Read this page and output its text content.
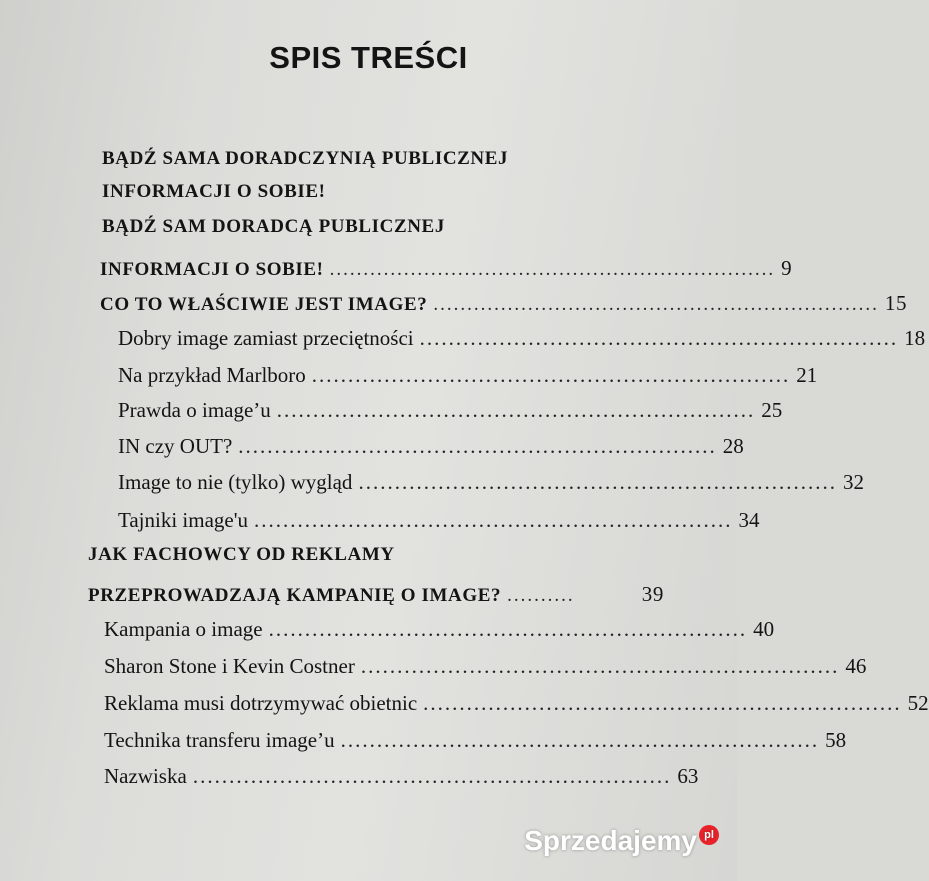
SPIS TREŚCI
BĄDŹ SAMA DORADCZYNIĄ PUBLICZNEJ
INFORMACJI O SOBIE!
BĄDŹ SAM DORADCĄ PUBLICZNEJ
INFORMACJI O SOBIE! .................................................................. 9
CO TO WŁAŚCIWIE JEST IMAGE? .................................................................. 15
Dobry image zamiast przeciętności .................................................................. 18
Na przykład Marlboro .................................................................. 21
Prawda o image’u .................................................................. 25
IN czy OUT? .................................................................. 28
Image to nie (tylko) wygląd .................................................................. 32
Tajniki image'u .................................................................. 34
JAK FACHOWCY OD REKLAMY
PRZEPROWADZAJĄ KAMPANIĘ O IMAGE? ..........	39
Kampania o image .................................................................. 40
Sharon Stone i Kevin Costner .................................................................. 46
Reklama musi dotrzymywać obietnic .................................................................. 52
Technika transferu image’u .................................................................. 58
Nazwiska .................................................................. 63
Sprzedajemy pl
